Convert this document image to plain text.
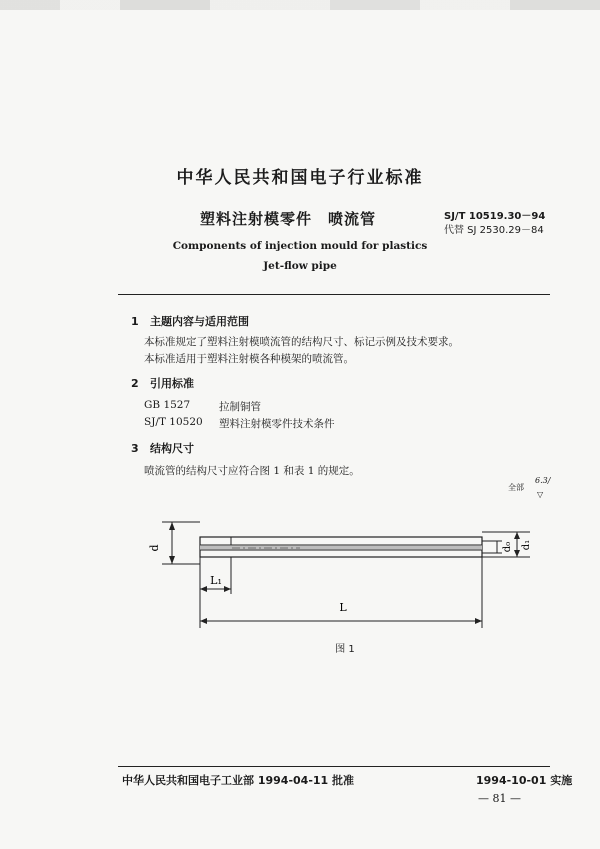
中华人民共和国电子行业标准
塑料注射模零件　喷流管	SJ/T 10519.30－94
代替 SJ 2530.29－84
Components of injection mould for plastics
Jet-flow pipe
1 主题内容与适用范围
本标准规定了塑料注射模喷流管的结构尺寸、标记示例及技术要求。
本标准适用于塑料注射模各种模架的喷流管。
2 引用标准
GB 1527	拉制铜管
SJ/T 10520 塑料注射模零件技术条件
3 结构尺寸
喷流管的结构尺寸应符合图 1 和表 1 的规定。
全部
6.3/
▽
d	d₁
d₀
L₁
L
图 1
中华人民共和国电子工业部 1994-04-11 批准	1994-10-01 实施
— 81 —
